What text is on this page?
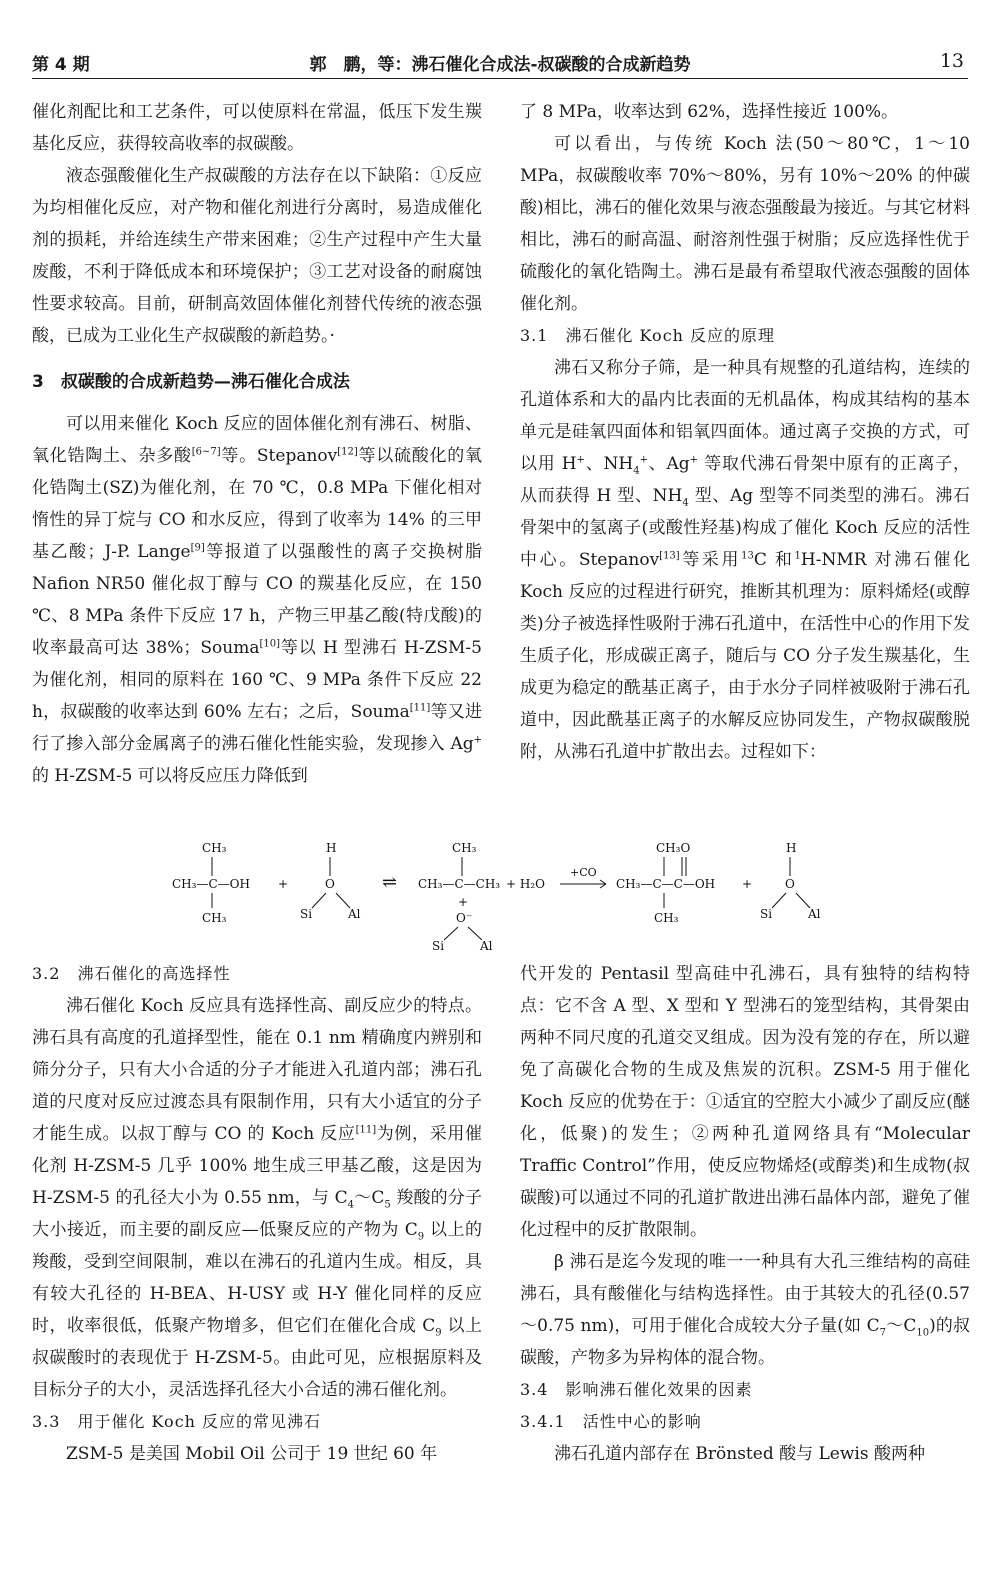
第 4 期	郭　鹏，等：沸石催化合成法-叔碳酸的合成新趋势	13

催化剂配比和工艺条件，可以使原料在常温，低压下发生羰基化反应，获得较高收率的叔碳酸。

液态强酸催化生产叔碳酸的方法存在以下缺陷：①反应为均相催化反应，对产物和催化剂进行分离时，易造成催化剂的损耗，并给连续生产带来困难；②生产过程中产生大量废酸，不利于降低成本和环境保护；③工艺对设备的耐腐蚀性要求较高。目前，研制高效固体催化剂替代传统的液态强酸，已成为工业化生产叔碳酸的新趋势。·

3　叔碳酸的合成新趋势—沸石催化合成法

可以用来催化 Koch 反应的固体催化剂有沸石、树脂、氧化锆陶土、杂多酸[6~7]等。Stepanov[12]等以硫酸化的氧化锆陶土(SZ)为催化剂，在 70 ℃，0.8 MPa 下催化相对惰性的异丁烷与 CO 和水反应，得到了收率为 14% 的三甲基乙酸；J-P. Lange[9]等报道了以强酸性的离子交换树脂 Nafion NR50 催化叔丁醇与 CO 的羰基化反应，在 150 ℃、8 MPa 条件下反应 17 h，产物三甲基乙酸(特戊酸)的收率最高可达 38%；Souma[10]等以 H 型沸石 H-ZSM-5 为催化剂，相同的原料在 160 ℃、9 MPa 条件下反应 22 h，叔碳酸的收率达到 60% 左右；之后，Souma[11]等又进行了掺入部分金属离子的沸石催化性能实验，发现掺入 Ag+ 的 H-ZSM-5 可以将反应压力降低到

了 8 MPa，收率达到 62%，选择性接近 100%。

可以看出，与传统 Koch 法(50～80℃，1～10 MPa，叔碳酸收率 70%～80%，另有 10%～20% 的仲碳酸)相比，沸石的催化效果与液态强酸最为接近。与其它材料相比，沸石的耐高温、耐溶剂性强于树脂；反应选择性优于硫酸化的氧化锆陶土。沸石是最有希望取代液态强酸的固体催化剂。

3.1　沸石催化 Koch 反应的原理

沸石又称分子筛，是一种具有规整的孔道结构，连续的孔道体系和大的晶内比表面的无机晶体，构成其结构的基本单元是硅氧四面体和铝氧四面体。通过离子交换的方式，可以用 H+、$NH_4^+$、Ag+ 等取代沸石骨架中原有的正离子，从而获得 H 型、$NH_4$ 型、Ag 型等不同类型的沸石。沸石骨架中的氢离子(或酸性羟基)构成了催化 Koch 反应的活性中心。Stepanov[13]等采用$^{13}$C 和$^1$H-NMR 对沸石催化 Koch 反应的过程进行研究，推断其机理为：原料烯烃(或醇类)分子被选择性吸附于沸石孔道中，在活性中心的作用下发生质子化，形成碳正离子，随后与 CO 分子发生羰基化，生成更为稳定的酰基正离子，由于水分子同样被吸附于沸石孔道中，因此酰基正离子的水解反应协同发生，产物叔碳酸脱附，从沸石孔道中扩散出去。过程如下：

CH₃
CH₃—C—OH
CH₃
+
H
O
Si	Al
⇌
CH₃
CH₃—C—CH₃
+
O⁻
Si	Al
+ H₂O
+CO
CH₃O
CH₃—C—C—OH
CH₃
+
H
O
Si	Al

3.2　沸石催化的高选择性

沸石催化 Koch 反应具有选择性高、副反应少的特点。沸石具有高度的孔道择型性，能在 0.1 nm 精确度内辨别和筛分分子，只有大小合适的分子才能进入孔道内部；沸石孔道的尺度对反应过渡态具有限制作用，只有大小适宜的分子才能生成。以叔丁醇与 CO 的 Koch 反应[11]为例，采用催化剂 H-ZSM-5 几乎 100% 地生成三甲基乙酸，这是因为 H-ZSM-5 的孔径大小为 0.55 nm，与 $C_4\sim C_5$ 羧酸的分子大小接近，而主要的副反应—低聚反应的产物为 $C_9$ 以上的羧酸，受到空间限制，难以在沸石的孔道内生成。相反，具有较大孔径的 H-BEA、H-USY 或 H-Y 催化同样的反应时，收率很低，低聚产物增多，但它们在催化合成 $C_9$ 以上叔碳酸时的表现优于 H-ZSM-5。由此可见，应根据原料及目标分子的大小，灵活选择孔径大小合适的沸石催化剂。

3.3　用于催化 Koch 反应的常见沸石

ZSM-5 是美国 Mobil Oil 公司于 19 世纪 60 年

代开发的 Pentasil 型高硅中孔沸石，具有独特的结构特点：它不含 A 型、X 型和 Y 型沸石的笼型结构，其骨架由两种不同尺度的孔道交叉组成。因为没有笼的存在，所以避免了高碳化合物的生成及焦炭的沉积。ZSM-5 用于催化 Koch 反应的优势在于：①适宜的空腔大小减少了副反应(醚化，低聚)的发生；②两种孔道网络具有“Molecular Traffic Control”作用，使反应物烯烃(或醇类)和生成物(叔碳酸)可以通过不同的孔道扩散进出沸石晶体内部，避免了催化过程中的反扩散限制。

β 沸石是迄今发现的唯一一种具有大孔三维结构的高硅沸石，具有酸催化与结构选择性。由于其较大的孔径(0.57～0.75 nm)，可用于催化合成较大分子量(如 $C_7\sim C_{10}$)的叔碳酸，产物多为异构体的混合物。

3.4　影响沸石催化效果的因素

3.4.1　活性中心的影响

沸石孔道内部存在 Brönsted 酸与 Lewis 酸两种
